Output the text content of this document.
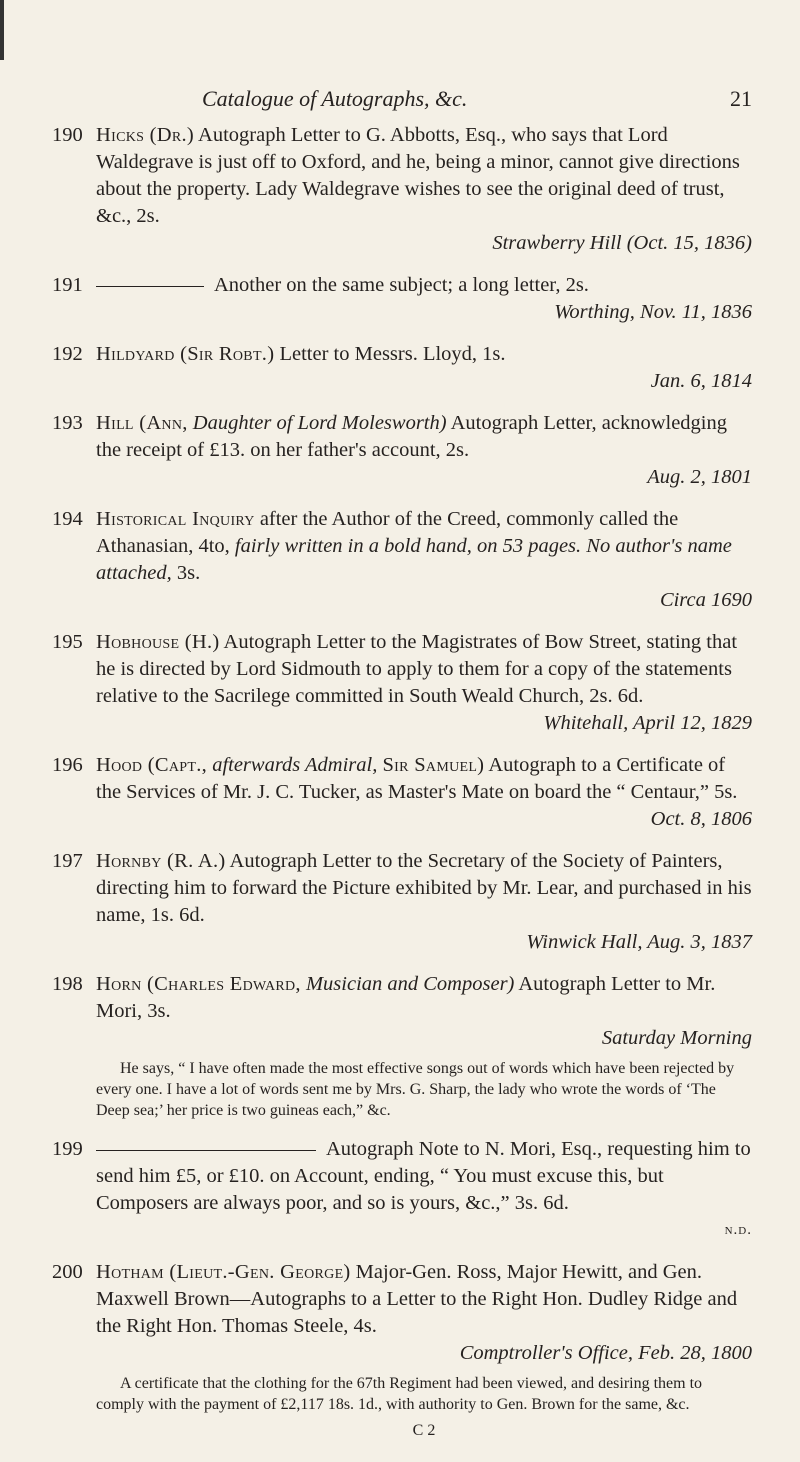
Catalogue of Autographs, &c.	21
190 Hicks (Dr.) Autograph Letter to G. Abbotts, Esq., who says that Lord Waldegrave is just off to Oxford, and he, being a minor, cannot give directions about the property. Lady Waldegrave wishes to see the original deed of trust, &c., 2s.
Strawberry Hill (Oct. 15, 1836)
191	Another on the same subject; a long letter, 2s.
Worthing, Nov. 11, 1836
192 Hildyard (Sir Robt.) Letter to Messrs. Lloyd, 1s.
Jan. 6, 1814
193 Hill (Ann, Daughter of Lord Molesworth) Autograph Letter, acknowledging the receipt of £13. on her father's account, 2s.
Aug. 2, 1801
194 Historical Inquiry after the Author of the Creed, commonly called the Athanasian, 4to, fairly written in a bold hand, on 53 pages. No author's name attached, 3s.
Circa 1690
195 Hobhouse (H.) Autograph Letter to the Magistrates of Bow Street, stating that he is directed by Lord Sidmouth to apply to them for a copy of the statements relative to the Sacrilege committed in South Weald Church, 2s. 6d.
Whitehall, April 12, 1829
196 Hood (Capt., afterwards Admiral, Sir Samuel) Autograph to a Certificate of the Services of Mr. J. C. Tucker, as Master's Mate on board the “ Centaur,” 5s.
Oct. 8, 1806
197 Hornby (R. A.) Autograph Letter to the Secretary of the Society of Painters, directing him to forward the Picture exhibited by Mr. Lear, and purchased in his name, 1s. 6d.
Winwick Hall, Aug. 3, 1837
198 Horn (Charles Edward, Musician and Composer) Autograph Letter to Mr. Mori, 3s.
Saturday Morning
He says, “ I have often made the most effective songs out of words which have been rejected by every one. I have a lot of words sent me by Mrs. G. Sharp, the lady who wrote the words of ‘The Deep sea;’ her price is two guineas each,” &c.
199	Autograph Note to N. Mori, Esq., requesting him to send him £5, or £10. on Account, ending, “ You must excuse this, but Composers are always poor, and so is yours, &c.,” 3s. 6d.
n.d.
200 Hotham (Lieut.-Gen. George) Major-Gen. Ross, Major Hewitt, and Gen. Maxwell Brown—Autographs to a Letter to the Right Hon. Dudley Ridge and the Right Hon. Thomas Steele, 4s.
Comptroller's Office, Feb. 28, 1800
A certificate that the clothing for the 67th Regiment had been viewed, and desiring them to comply with the payment of £2,117 18s. 1d., with authority to Gen. Brown for the same, &c.
C 2
